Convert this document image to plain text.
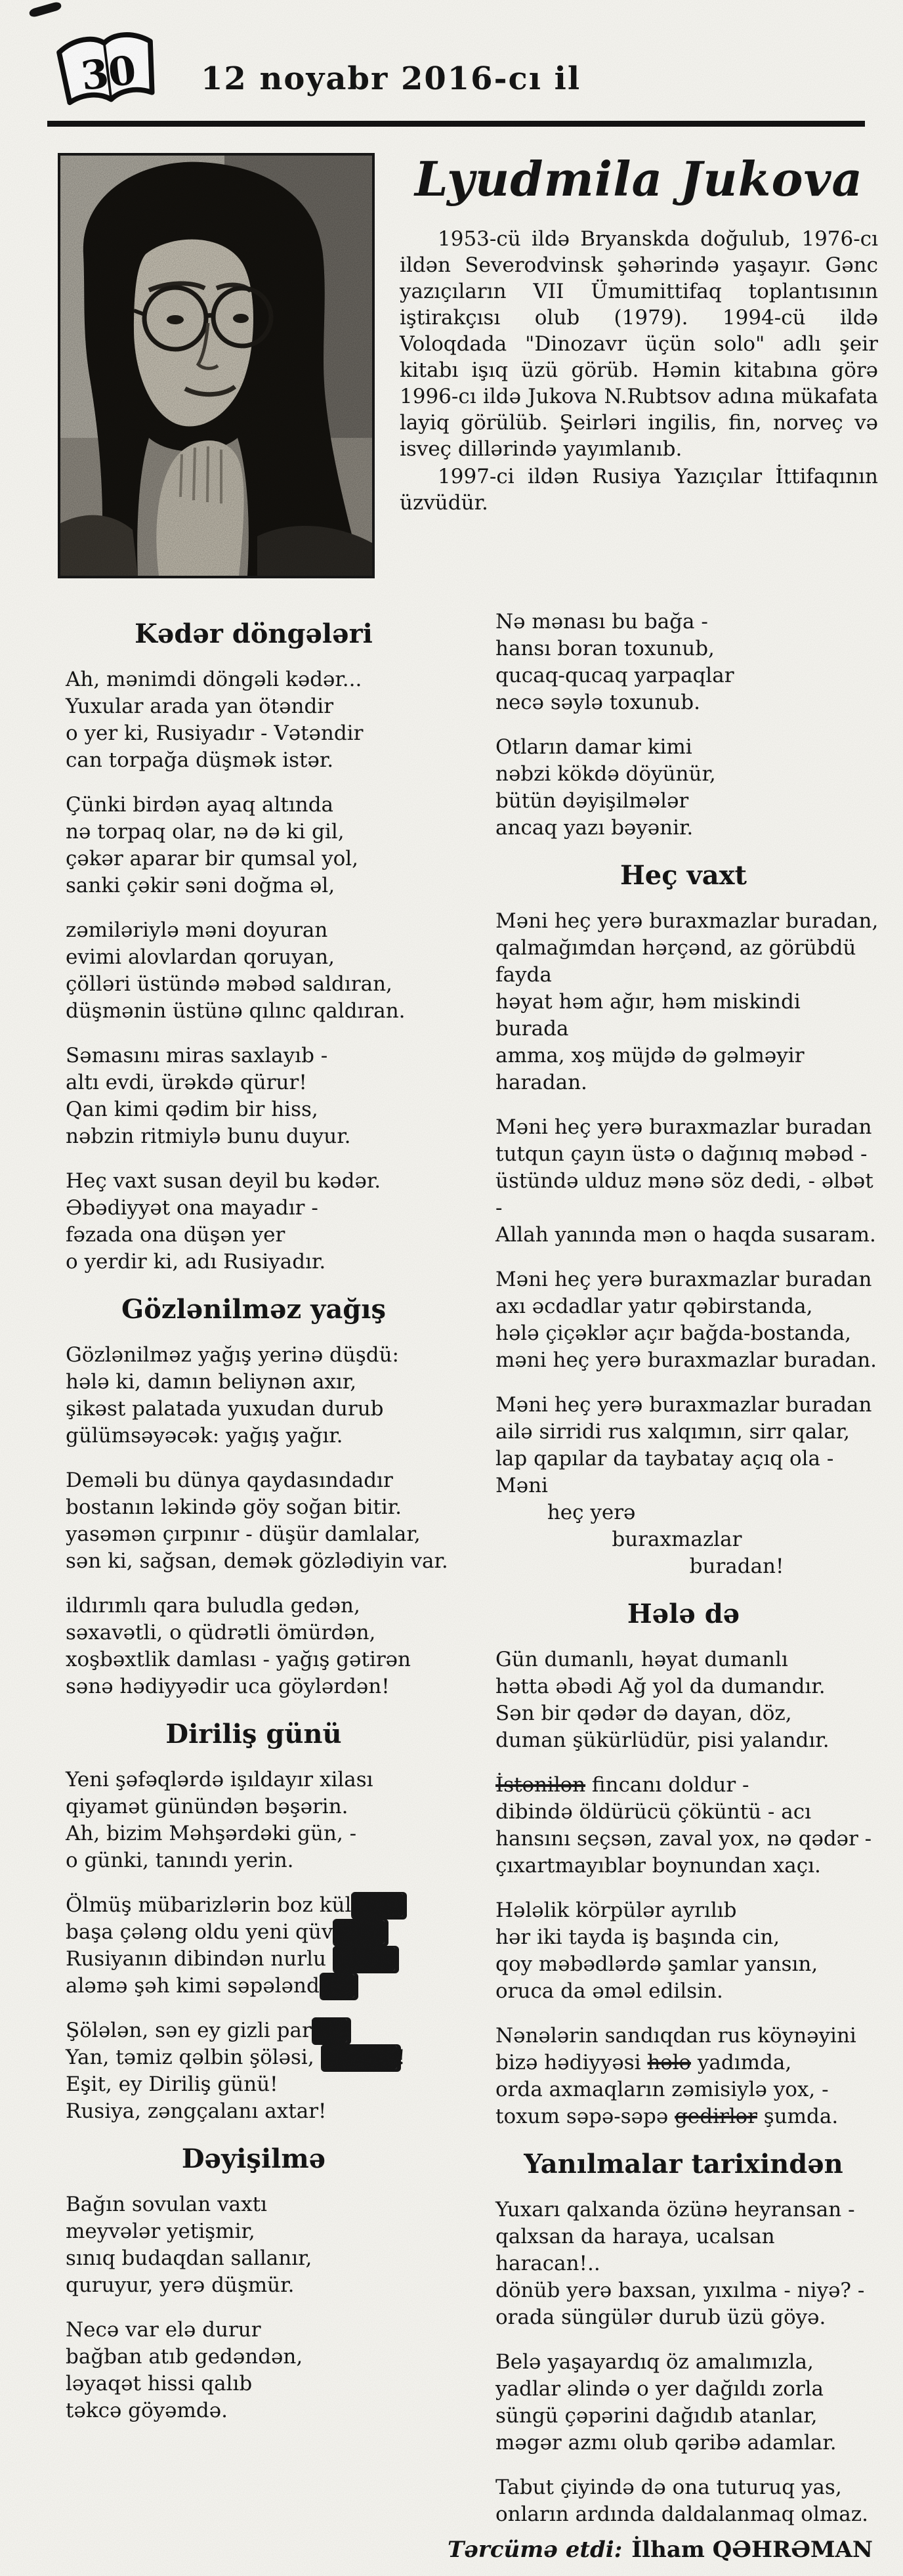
30 12 noyabr 2016-cı il
Lyudmila Jukova

1953-cü ildə Bryanskda doğulub, 1976-cı ildən Severodvinsk şəhərində yaşayır. Gənc yazıçıların VII Ümumittifaq toplantısının iştirakçısı olub (1979). 1994-cü ildə Voloqdada "Dinozavr üçün solo" adlı şeir kitabı işıq üzü görüb. Həmin kitabına görə 1996-cı ildə Jukova N.Rubtsov adına mükafata layiq görülüb. Şeirləri ingilis, fin, norveç və isveç dillərində yayımlanıb.

1997-ci ildən Rusiya Yazıçılar İttifaqının üzvüdür.

Kədər döngələri
Ah, mənimdi döngəli kədər...
Yuxular arada yan ötəndir
o yer ki, Rusiyadır - Vətəndir
can torpağa düşmək istər.
Çünki birdən ayaq altında
nə torpaq olar, nə də ki gil,
çəkər aparar bir qumsal yol,
sanki çəkir səni doğma əl,
zəmiləriylə məni doyuran
evimi alovlardan qoruyan,
çölləri üstündə məbəd saldıran,
düşmənin üstünə qılınc qaldıran.
Səmasını miras saxlayıb -
altı evdi, ürəkdə qürur!
Qan kimi qədim bir hiss,
nəbzin ritmiylə bunu duyur.
Heç vaxt susan deyil bu kədər.
Əbədiyyət ona mayadır -
fəzada ona düşən yer
o yerdir ki, adı Rusiyadır.
Gözlənilməz yağış
Gözlənilməz yağış yerinə düşdü:
hələ ki, damın beliynən axır,
şikəst palatada yuxudan durub
gülümsəyəcək: yağış yağır.
Deməli bu dünya qaydasındadır
bostanın ləkində göy soğan bitir.
yasəmən çırpınır - düşür damlalar,
sən ki, sağsan, demək gözlədiyin var.
ildırımlı qara buludla gedən,
səxavətli, o qüdrətli ömürdən,
xoşbəxtlik damlası - yağış gətirən
sənə hədiyyədir uca göylərdən!
Diriliş günü
Yeni şəfəqlərdə işıldayır xilası
qiyamət günündən bəşərin.
Ah, bizim Məhşərdəki gün, -
o günki, tanındı yerin.
Ölmüş mübarizlərin boz külündə
başa çələng oldu yeni qüvvələr
Rusiyanın dibindən nurlu qalxıb
aləmə şəh kimi səpələndilər
Şölələn, sən ey gizli parıltı!
Yan, təmiz qəlbin şöləsi, par-par!
Eşit, ey Diriliş günü!
Rusiya, zəngçalanı axtar!
Dəyişilmə
Bağın sovulan vaxtı
meyvələr yetişmir,
sınıq budaqdan sallanır,
quruyur, yerə düşmür.
Necə var elə durur
bağban atıb gedəndən,
ləyaqət hissi qalıb
təkcə göyəmdə.
Nə mənası bu bağa -
hansı boran toxunub,
qucaq-qucaq yarpaqlar
necə səylə toxunub.
Otların damar kimi
nəbzi kökdə döyünür,
bütün dəyişilmələr
ancaq yazı bəyənir.
Heç vaxt
Məni heç yerə buraxmazlar buradan,
qalmağımdan hərçənd, az görübdü fayda
həyat həm ağır, həm miskindi burada
amma, xoş müjdə də gəlməyir haradan.
Məni heç yerə buraxmazlar buradan
tutqun çayın üstə o dağınıq məbəd -
üstündə ulduz mənə söz dedi, - əlbət -
Allah yanında mən o haqda susaram.
Məni heç yerə buraxmazlar buradan
axı əcdadlar yatır qəbirstanda,
hələ çiçəklər açır bağda-bostanda,
məni heç yerə buraxmazlar buradan.
Məni heç yerə buraxmazlar buradan
ailə sirridi rus xalqımın, sirr qalar,
lap qapılar da taybatay açıq ola -
Məni
heç yerə
buraxmazlar
buradan!
Hələ də
Gün dumanlı, həyat dumanlı
hətta əbədi Ağ yol da dumandır.
Sən bir qədər də dayan, döz,
duman şükürlüdür, pisi yalandır.
İstənilən fincanı doldur -
dibində öldürücü çöküntü - acı
hansını seçsən, zaval yox, nə qədər -
çıxartmayıblar boynundan xaçı.
Hələlik körpülər ayrılıb
hər iki tayda iş başında cin,
qoy məbədlərdə şamlar yansın,
oruca da əməl edilsin.
Nənələrin sandıqdan rus köynəyini
bizə hədiyyəsi hələ yadımda,
orda axmaqların zəmisiylə yox, -
toxum səpə-səpə gedirlər şumda.
Yanılmalar tarixindən
Yuxarı qalxanda özünə heyransan -
qalxsan da haraya, ucalsan haracan!..
dönüb yerə baxsan, yıxılma - niyə? -
orada süngülər durub üzü göyə.
Belə yaşayardıq öz amalımızla,
yadlar əlində o yer dağıldı zorla
süngü çəpərini dağıdıb atanlar,
məgər azmı olub qəribə adamlar.
Tabut çiyində də ona tuturuq yas,
onların ardında daldalanmaq olmaz.
Tərcümə etdi: İlham QƏHRƏMAN
